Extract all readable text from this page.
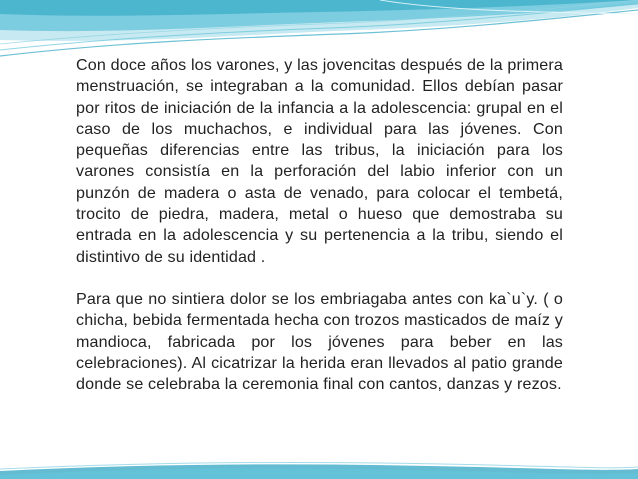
Con doce años los varones, y las jovencitas después de la primera menstruación, se integraban a la comunidad. Ellos debían pasar por ritos de iniciación de la infancia a la adolescencia: grupal en el caso de los muchachos, e individual para las jóvenes. Con pequeñas diferencias entre las tribus, la iniciación para los varones consistía en la perforación del labio inferior con un punzón de madera o asta de venado, para colocar el tembetá, trocito de piedra, madera, metal o hueso que demostraba su entrada en la adolescencia y su pertenencia a la tribu, siendo el distintivo de su identidad .

Para que no sintiera dolor se los embriagaba antes con ka`u`y. ( o chicha, bebida fermentada hecha con trozos masticados de maíz y mandioca, fabricada por los jóvenes para beber en las celebraciones). Al cicatrizar la herida eran llevados al patio grande donde se celebraba la ceremonia final con cantos, danzas y rezos.
